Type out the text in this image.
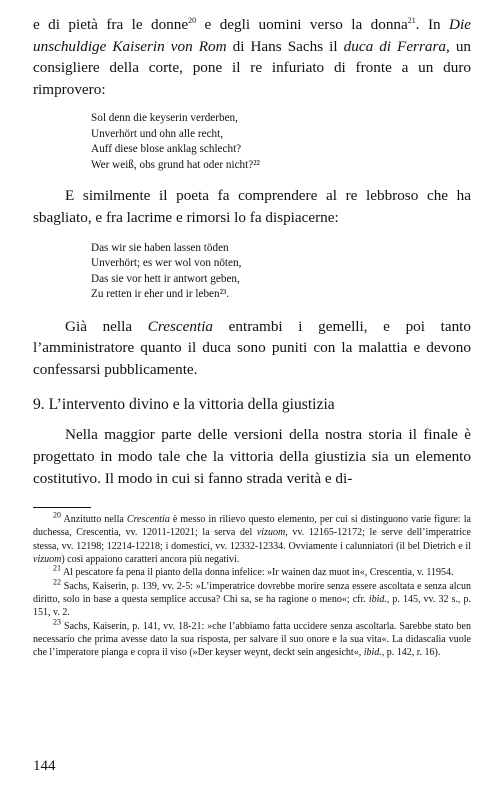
e di pietà fra le donne$^{20}$ e degli uomini verso la donna$^{21}$. In Die unschuldige Kaiserin von Rom di Hans Sachs il duca di Ferrara, un consigliere della corte, pone il re infuriato di fronte a un duro rimprovero:

Sol denn die keyserin verderben,
Unverhört und ohn alle recht,
Auff diese blose anklag schlecht?
Wer weiß, obs grund hat oder nicht?²²

E similmente il poeta fa comprendere al re lebbroso che ha sbagliato, e fra lacrime e rimorsi lo fa dispiacerne:

Das wir sie haben lassen töden
Unverhört; es wer wol von nöten,
Das sie vor hett ir antwort geben,
Zu retten ir eher und ir leben²³.

Già nella Crescentia entrambi i gemelli, e poi tanto l’amministratore quanto il duca sono puniti con la malattia e devono confessarsi pubblicamente.

9. L’intervento divino e la vittoria della giustizia

Nella maggior parte delle versioni della nostra storia il finale è progettato in modo tale che la vittoria della giustizia sia un elemento costitutivo. Il modo in cui si fanno strada verità e di-

$^{20}$ Anzitutto nella Crescentia è messo in rilievo questo elemento, per cui si distinguono varie figure: la duchessa, Crescentia, vv. 12011-12021; la serva del vizuom, vv. 12165-12172; le serve dell’imperatrice stessa, vv. 12198; 12214-12218; i domestici, vv. 12332-12334. Ovviamente i calunniatori (il bel Dietrich e il vizuom) così appaiono caratteri ancora più negativi.

$^{21}$ Al pescatore fa pena il pianto della donna infelice: »Ir wainen daz muot in«, Crescentia, v. 11954.

$^{22}$ Sachs, Kaiserin, p. 139, vv. 2-5: »L’imperatrice dovrebbe morire senza essere ascoltata e senza alcun diritto, solo in base a questa semplice accusa? Chi sa, se ha ragione o meno«; cfr. ibid., p. 145, vv. 32 s., p. 151, v. 2.

$^{23}$ Sachs, Kaiserin, p. 141, vv. 18-21: »che l’abbiamo fatta uccidere senza ascoltarla. Sarebbe stato ben necessario che prima avesse dato la sua risposta, per salvare il suo onore e la sua vita«. La didascalia vuole che l’imperatore pianga e copra il viso (»Der keyser weynt, deckt sein angesicht«, ibid., p. 142, r. 16).

144
